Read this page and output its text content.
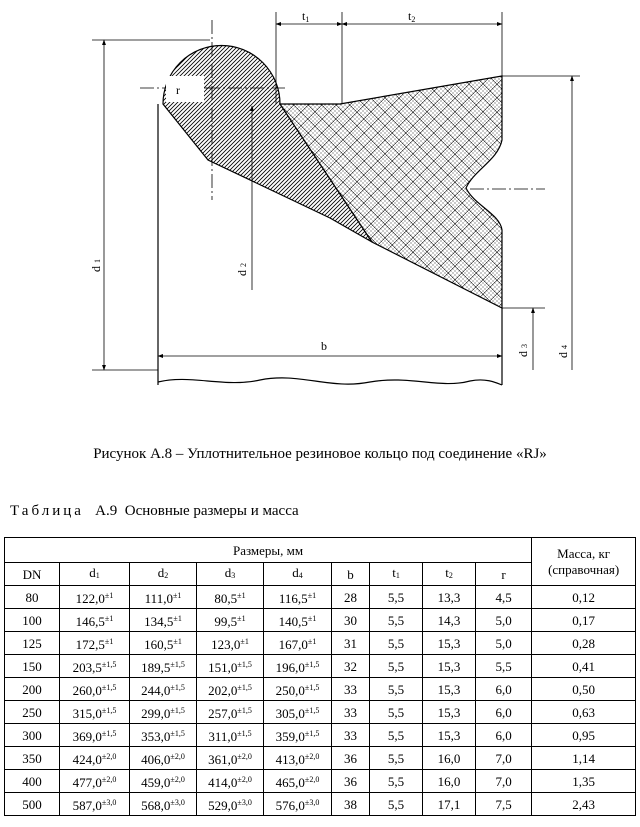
t1	t2
r
b
d1
d2
d3
d4
Рисунок А.8 – Уплотнительное резиновое кольцо под соединение «RJ»
Таблица А.9 Основные размеры и масса
Размеры, мм									Масса, кг
(справочная)
DN	$d_1$	$d_2$	$d_3$	$d_4$	b	$t_1$	$t_2$	r	
80	$122,0^{\pm 1}$	$111,0^{\pm 1}$	$80,5^{\pm 1}$	$116,5^{\pm 1}$	28	5,5	13,3	4,5	0,12
100	$146,5^{\pm 1}$	$134,5^{\pm 1}$	$99,5^{\pm 1}$	$140,5^{\pm 1}$	30	5,5	14,3	5,0	0,17
125	$172,5^{\pm 1}$	$160,5^{\pm 1}$	$123,0^{\pm 1}$	$167,0^{\pm 1}$	31	5,5	15,3	5,0	0,28
150	$203,5^{\pm 1,5}$	$189,5^{\pm 1,5}$	$151,0^{\pm 1,5}$	$196,0^{\pm 1,5}$	32	5,5	15,3	5,5	0,41
200	$260,0^{\pm 1,5}$	$244,0^{\pm 1,5}$	$202,0^{\pm 1,5}$	$250,0^{\pm 1,5}$	33	5,5	15,3	6,0	0,50
250	$315,0^{\pm 1,5}$	$299,0^{\pm 1,5}$	$257,0^{\pm 1,5}$	$305,0^{\pm 1,5}$	33	5,5	15,3	6,0	0,63
300	$369,0^{\pm 1,5}$	$353,0^{\pm 1,5}$	$311,0^{\pm 1,5}$	$359,0^{\pm 1,5}$	33	5,5	15,3	6,0	0,95
350	$424,0^{\pm 2,0}$	$406,0^{\pm 2,0}$	$361,0^{\pm 2,0}$	$413,0^{\pm 2,0}$	36	5,5	16,0	7,0	1,14
400	$477,0^{\pm 2,0}$	$459,0^{\pm 2,0}$	$414,0^{\pm 2,0}$	$465,0^{\pm 2,0}$	36	5,5	16,0	7,0	1,35
500	$587,0^{\pm 3,0}$	$568,0^{\pm 3,0}$	$529,0^{\pm 3,0}$	$576,0^{\pm 3,0}$	38	5,5	17,1	7,5	2,43
